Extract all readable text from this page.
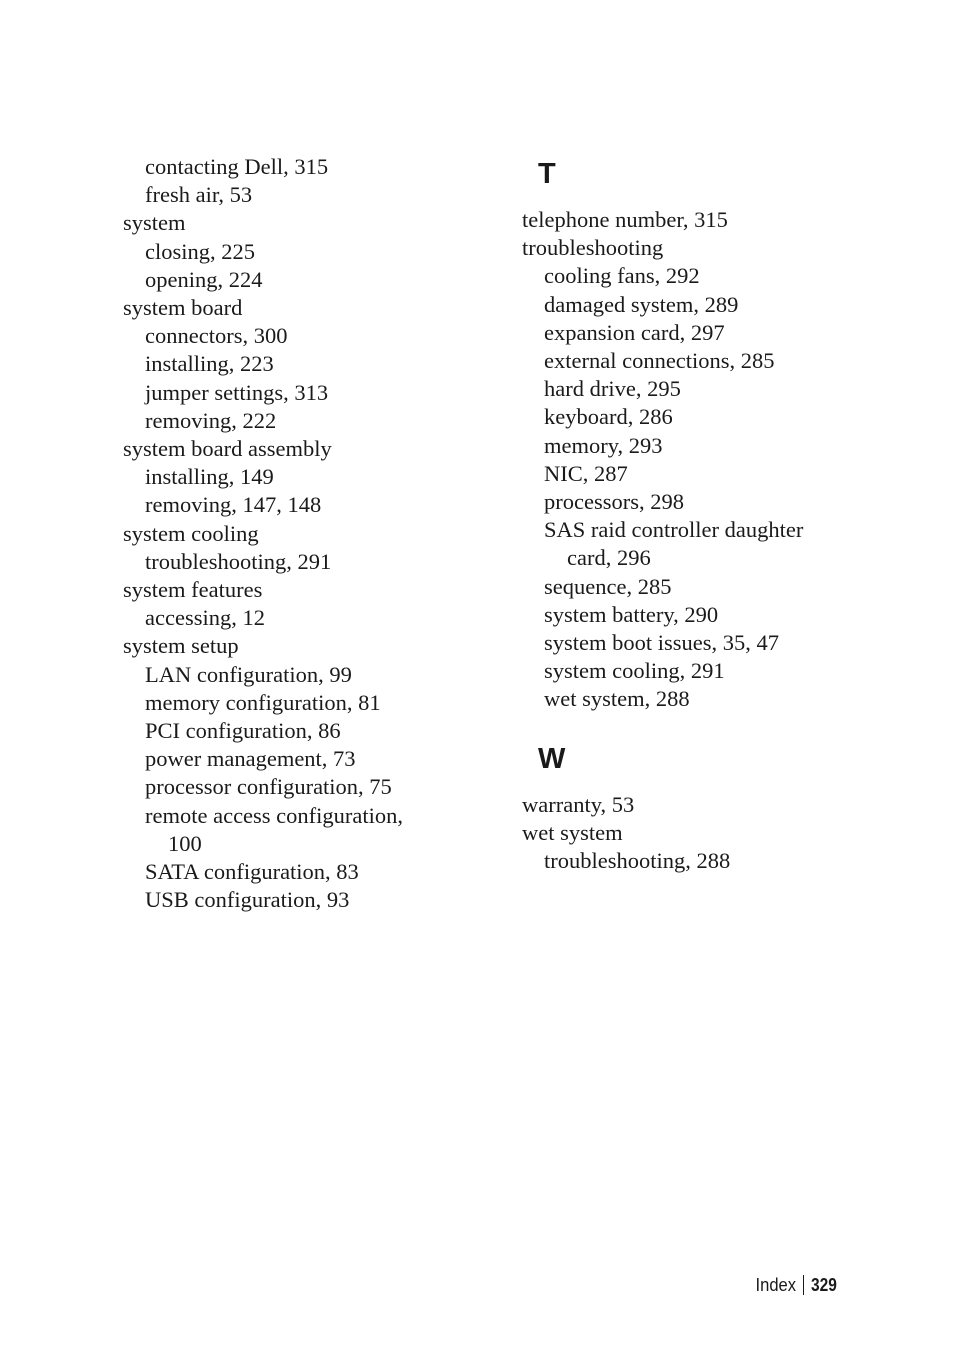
contacting Dell, 315

fresh air, 53

system

closing, 225

opening, 224

system board

connectors, 300

installing, 223

jumper settings, 313

removing, 222

system board assembly

installing, 149

removing, 147, 148

system cooling

troubleshooting, 291

system features

accessing, 12

system setup

LAN configuration, 99

memory configuration, 81

PCI configuration, 86

power management, 73

processor configuration, 75

remote access configuration,

100

SATA configuration, 83

USB configuration, 93

T

telephone number, 315

troubleshooting

cooling fans, 292

damaged system, 289

expansion card, 297

external connections, 285

hard drive, 295

keyboard, 286

memory, 293

NIC, 287

processors, 298

SAS raid controller daughter

card, 296

sequence, 285

system battery, 290

system boot issues, 35, 47

system cooling, 291

wet system, 288

W

warranty, 53

wet system

troubleshooting, 288

Index 329
